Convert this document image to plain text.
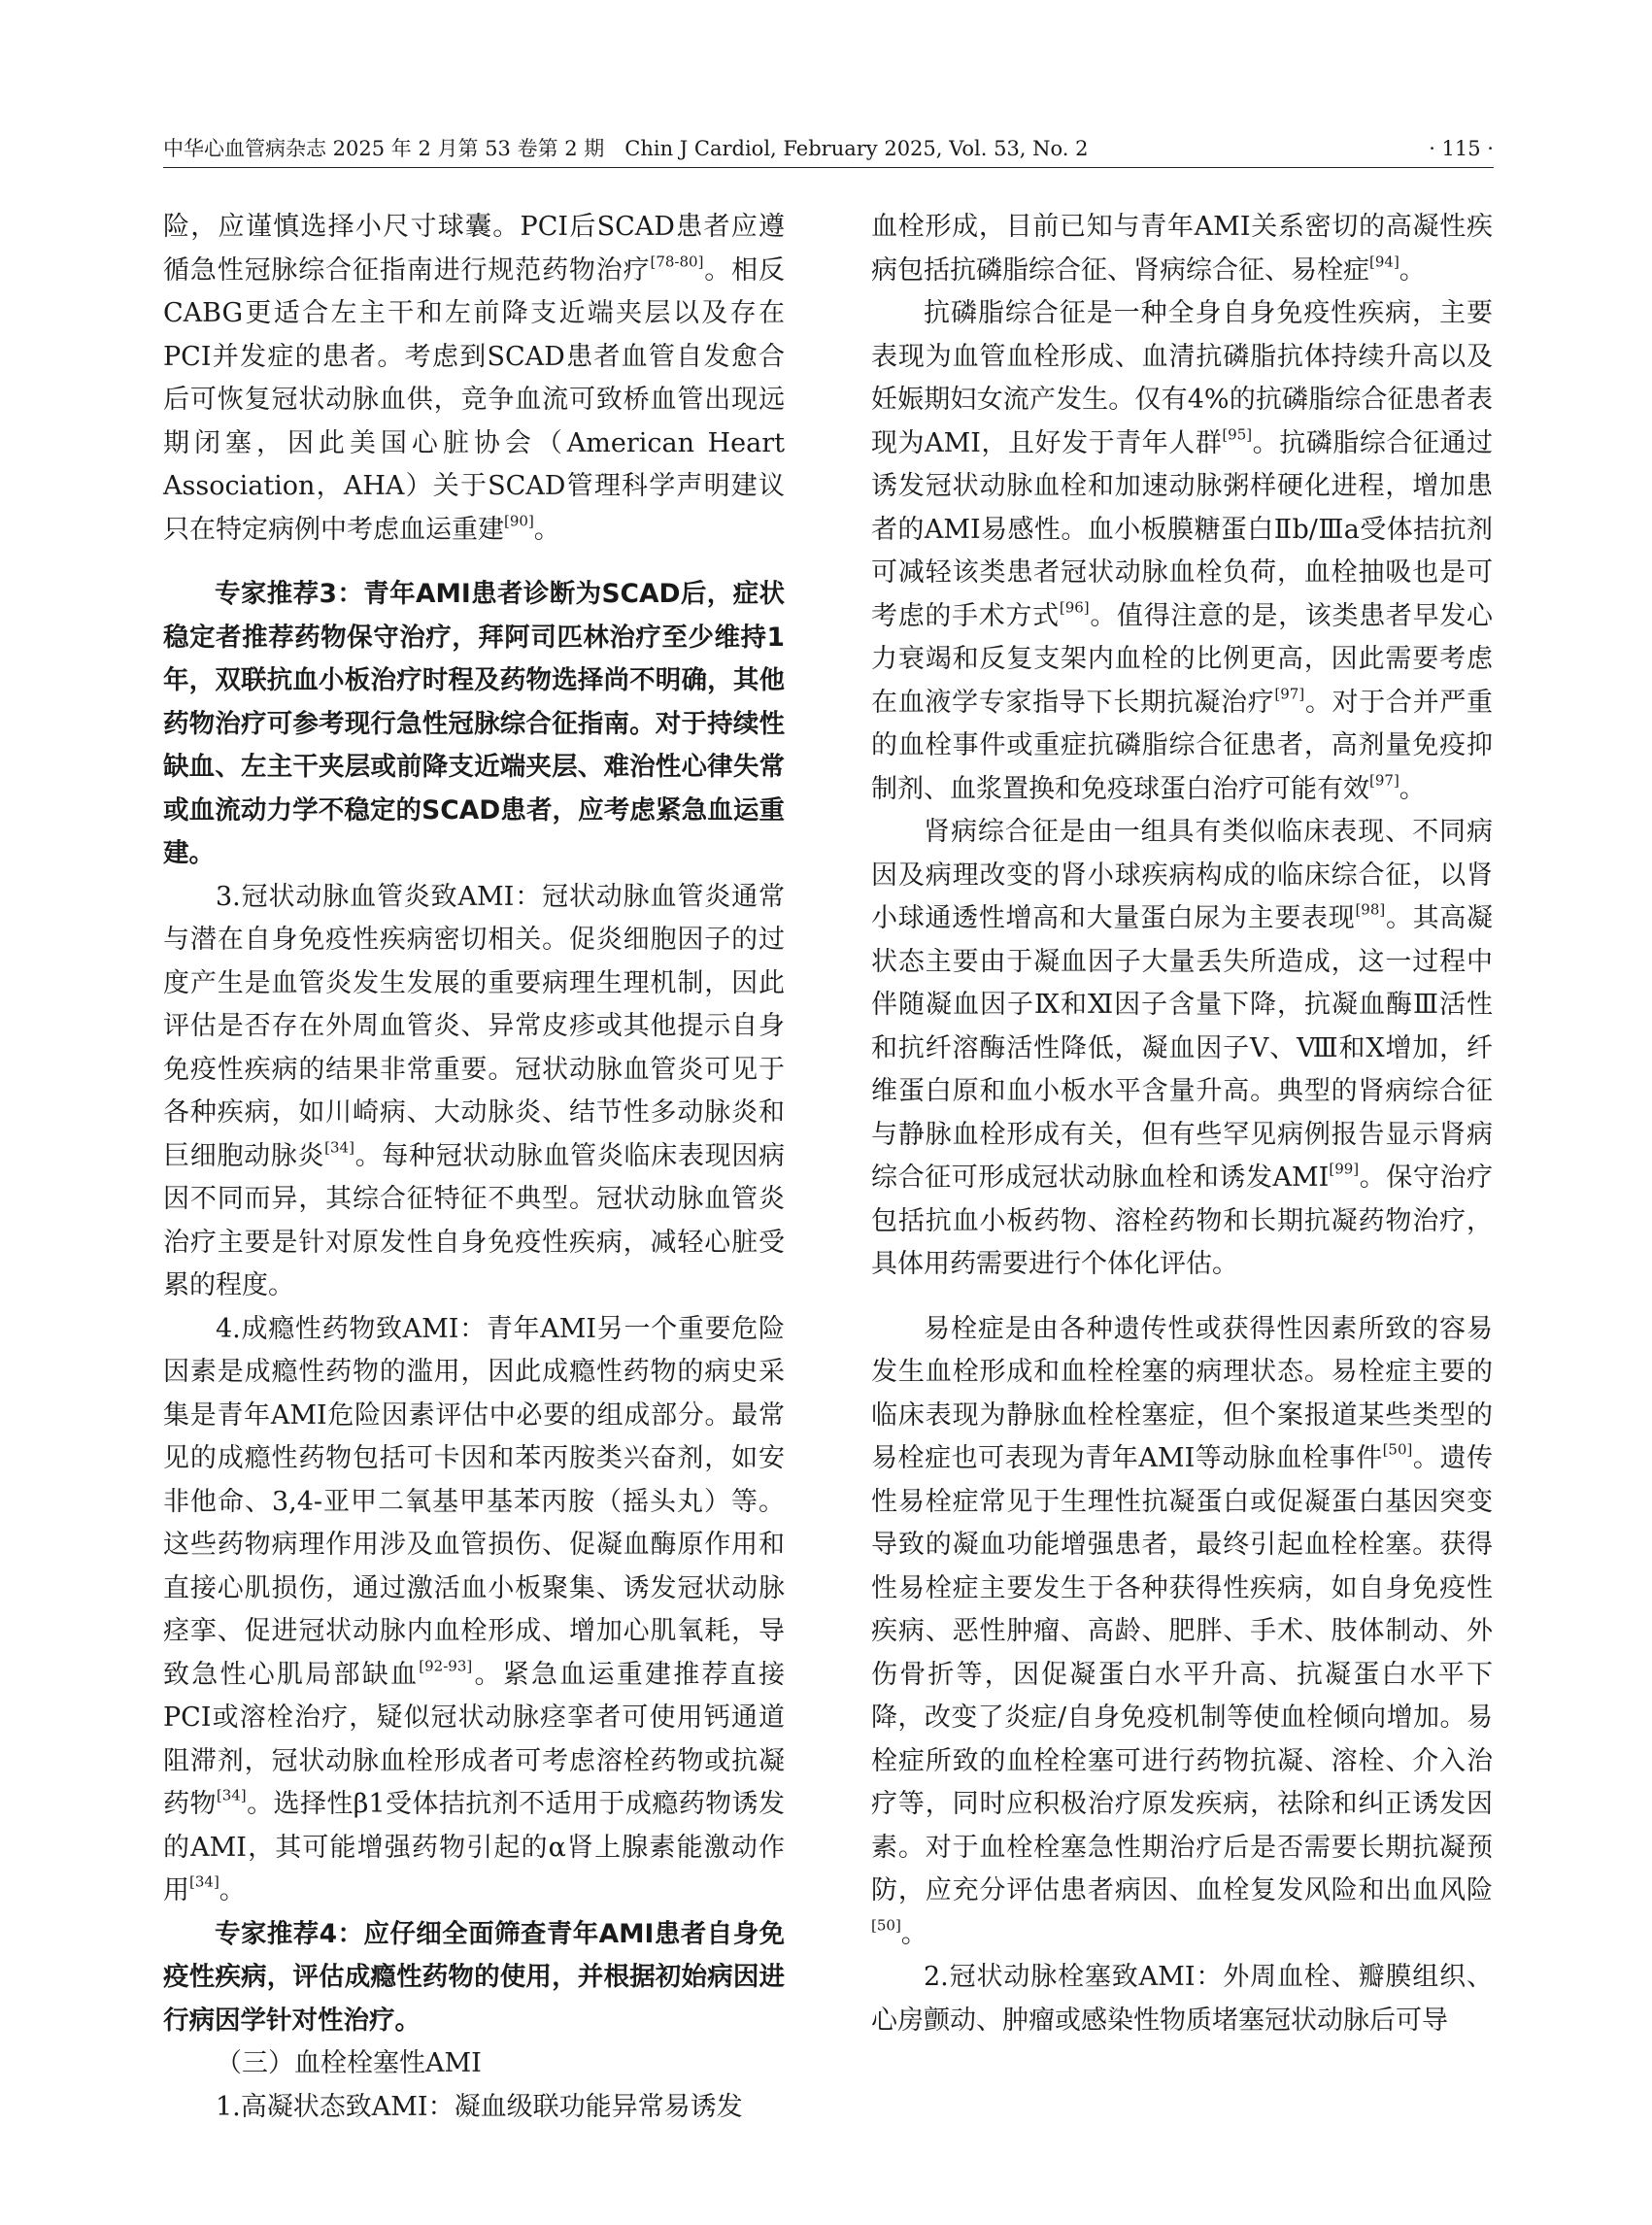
中华心血管病杂志 2025 年 2 月第 53 卷第 2 期　Chin J Cardiol, February 2025, Vol. 53, No. 2	· 115 ·

险，应谨慎选择小尺寸球囊。PCI后SCAD患者应遵循急性冠脉综合征指南进行规范药物治疗[78-80]。相反CABG更适合左主干和左前降支近端夹层以及存在PCI并发症的患者。考虑到SCAD患者血管自发愈合后可恢复冠状动脉血供，竞争血流可致桥血管出现远期闭塞，因此美国心脏协会（American Heart Association，AHA）关于SCAD管理科学声明建议只在特定病例中考虑血运重建[90]。

专家推荐3：青年AMI患者诊断为SCAD后，症状稳定者推荐药物保守治疗，拜阿司匹林治疗至少维持1年，双联抗血小板治疗时程及药物选择尚不明确，其他药物治疗可参考现行急性冠脉综合征指南。对于持续性缺血、左主干夹层或前降支近端夹层、难治性心律失常或血流动力学不稳定的SCAD患者，应考虑紧急血运重建。

3.冠状动脉血管炎致AMI：冠状动脉血管炎通常与潜在自身免疫性疾病密切相关。促炎细胞因子的过度产生是血管炎发生发展的重要病理生理机制，因此评估是否存在外周血管炎、异常皮疹或其他提示自身免疫性疾病的结果非常重要。冠状动脉血管炎可见于各种疾病，如川崎病、大动脉炎、结节性多动脉炎和巨细胞动脉炎[34]。每种冠状动脉血管炎临床表现因病因不同而异，其综合征特征不典型。冠状动脉血管炎治疗主要是针对原发性自身免疫性疾病，减轻心脏受累的程度。

4.成瘾性药物致AMI：青年AMI另一个重要危险因素是成瘾性药物的滥用，因此成瘾性药物的病史采集是青年AMI危险因素评估中必要的组成部分。最常见的成瘾性药物包括可卡因和苯丙胺类兴奋剂，如安非他命、3,4-亚甲二氧基甲基苯丙胺（摇头丸）等。这些药物病理作用涉及血管损伤、促凝血酶原作用和直接心肌损伤，通过激活血小板聚集、诱发冠状动脉痉挛、促进冠状动脉内血栓形成、增加心肌氧耗，导致急性心肌局部缺血[92-93]。紧急血运重建推荐直接PCI或溶栓治疗，疑似冠状动脉痉挛者可使用钙通道阻滞剂，冠状动脉血栓形成者可考虑溶栓药物或抗凝药物[34]。选择性β1受体拮抗剂不适用于成瘾药物诱发的AMI，其可能增强药物引起的α肾上腺素能激动作用[34]。

专家推荐4：应仔细全面筛查青年AMI患者自身免疫性疾病，评估成瘾性药物的使用，并根据初始病因进行病因学针对性治疗。

（三）血栓栓塞性AMI

1.高凝状态致AMI：凝血级联功能异常易诱发

血栓形成，目前已知与青年AMI关系密切的高凝性疾病包括抗磷脂综合征、肾病综合征、易栓症[94]。

抗磷脂综合征是一种全身自身免疫性疾病，主要表现为血管血栓形成、血清抗磷脂抗体持续升高以及妊娠期妇女流产发生。仅有4%的抗磷脂综合征患者表现为AMI，且好发于青年人群[95]。抗磷脂综合征通过诱发冠状动脉血栓和加速动脉粥样硬化进程，增加患者的AMI易感性。血小板膜糖蛋白Ⅱb/Ⅲa受体拮抗剂可减轻该类患者冠状动脉血栓负荷，血栓抽吸也是可考虑的手术方式[96]。值得注意的是，该类患者早发心力衰竭和反复支架内血栓的比例更高，因此需要考虑在血液学专家指导下长期抗凝治疗[97]。对于合并严重的血栓事件或重症抗磷脂综合征患者，高剂量免疫抑制剂、血浆置换和免疫球蛋白治疗可能有效[97]。

肾病综合征是由一组具有类似临床表现、不同病因及病理改变的肾小球疾病构成的临床综合征，以肾小球通透性增高和大量蛋白尿为主要表现[98]。其高凝状态主要由于凝血因子大量丢失所造成，这一过程中伴随凝血因子Ⅸ和Ⅺ因子含量下降，抗凝血酶Ⅲ活性和抗纤溶酶活性降低，凝血因子Ⅴ、Ⅷ和Ⅹ增加，纤维蛋白原和血小板水平含量升高。典型的肾病综合征与静脉血栓形成有关，但有些罕见病例报告显示肾病综合征可形成冠状动脉血栓和诱发AMI[99]。保守治疗包括抗血小板药物、溶栓药物和长期抗凝药物治疗，具体用药需要进行个体化评估。

易栓症是由各种遗传性或获得性因素所致的容易发生血栓形成和血栓栓塞的病理状态。易栓症主要的临床表现为静脉血栓栓塞症，但个案报道某些类型的易栓症也可表现为青年AMI等动脉血栓事件[50]。遗传性易栓症常见于生理性抗凝蛋白或促凝蛋白基因突变导致的凝血功能增强患者，最终引起血栓栓塞。获得性易栓症主要发生于各种获得性疾病，如自身免疫性疾病、恶性肿瘤、高龄、肥胖、手术、肢体制动、外伤骨折等，因促凝蛋白水平升高、抗凝蛋白水平下降，改变了炎症/自身免疫机制等使血栓倾向增加。易栓症所致的血栓栓塞可进行药物抗凝、溶栓、介入治疗等，同时应积极治疗原发疾病，祛除和纠正诱发因素。对于血栓栓塞急性期治疗后是否需要长期抗凝预防，应充分评估患者病因、血栓复发风险和出血风险[50]。

2.冠状动脉栓塞致AMI：外周血栓、瓣膜组织、心房颤动、肿瘤或感染性物质堵塞冠状动脉后可导
